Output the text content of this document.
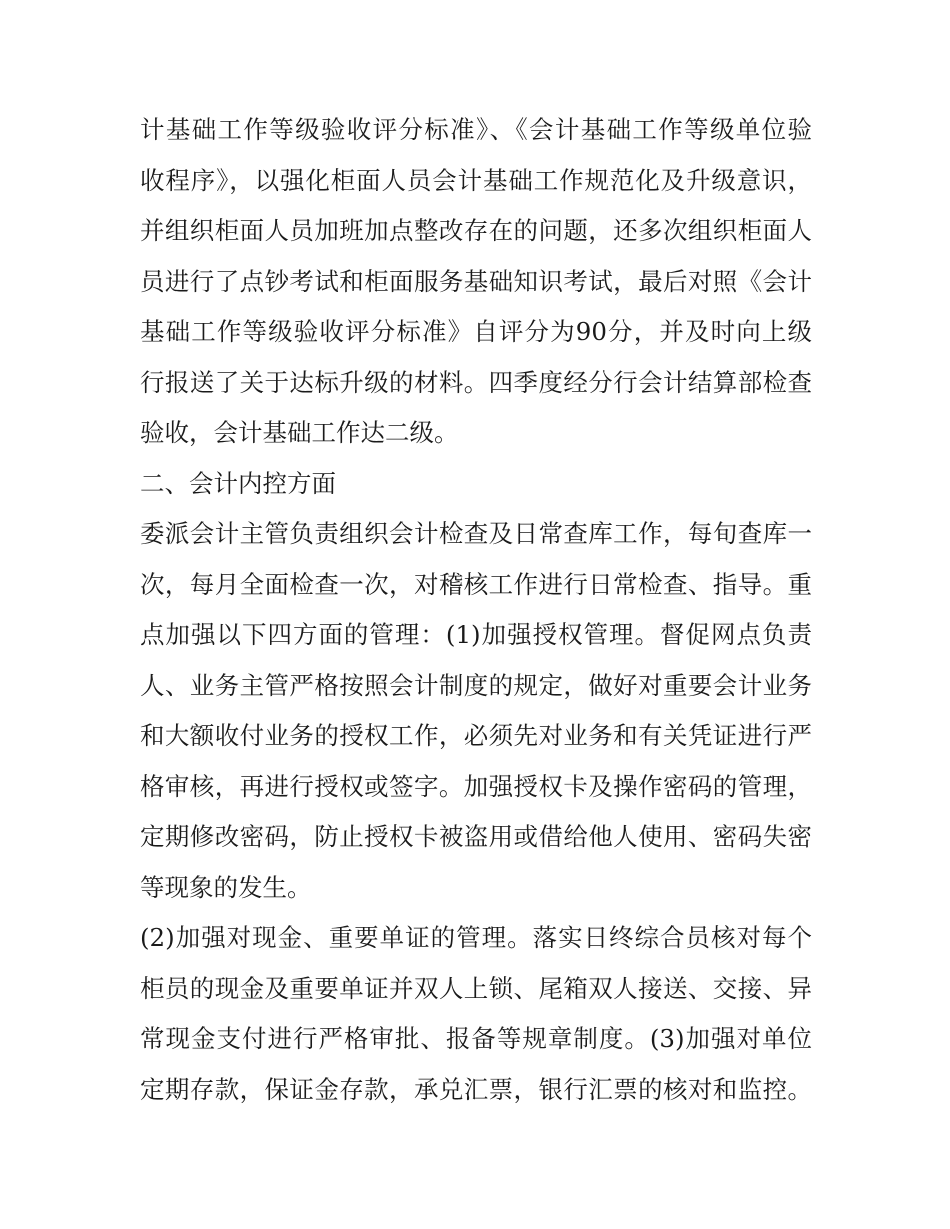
计基础工作等级验收评分标准》、《会计基础工作等级单位验
收程序》，以强化柜面人员会计基础工作规范化及升级意识，
并组织柜面人员加班加点整改存在的问题，还多次组织柜面人
员进行了点钞考试和柜面服务基础知识考试，最后对照《会计
基础工作等级验收评分标准》自评分为90分，并及时向上级
行报送了关于达标升级的材料。四季度经分行会计结算部检查
验收，会计基础工作达二级。
二、会计内控方面
委派会计主管负责组织会计检查及日常查库工作，每旬查库一
次，每月全面检查一次，对稽核工作进行日常检查、指导。重
点加强以下四方面的管理：(1)加强授权管理。督促网点负责
人、业务主管严格按照会计制度的规定，做好对重要会计业务
和大额收付业务的授权工作，必须先对业务和有关凭证进行严
格审核，再进行授权或签字。加强授权卡及操作密码的管理，
定期修改密码，防止授权卡被盗用或借给他人使用、密码失密
等现象的发生。
(2)加强对现金、重要单证的管理。落实日终综合员核对每个
柜员的现金及重要单证并双人上锁、尾箱双人接送、交接、异
常现金支付进行严格审批、报备等规章制度。(3)加强对单位
定期存款，保证金存款，承兑汇票，银行汇票的核对和监控。
